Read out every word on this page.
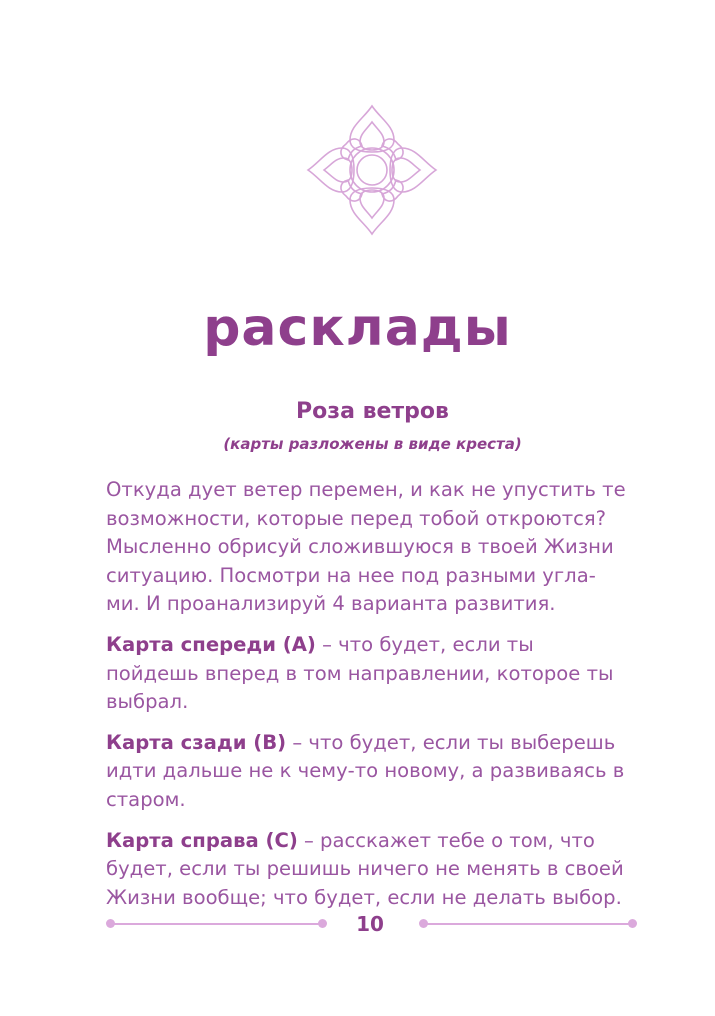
расклады
Роза ветров
(карты разложены в виде креста)

Откуда дует ветер перемен, и как не упустить те возможности, которые перед тобой откроются? Мысленно обрисуй сложившуюся в твоей Жизни ситуацию. Посмотри на нее под разными угла-ми. И проанализируй 4 варианта развития.

Карта спереди (А) – что будет, если ты пойдешь вперед в том направлении, которое ты выбрал.

Карта сзади (В) – что будет, если ты выберешь идти дальше не к чему-то новому, а развиваясь в старом.

Карта справа (С) – расскажет тебе о том, что будет, если ты решишь ничего не менять в своей Жизни вообще; что будет, если не делать выбор.

10
